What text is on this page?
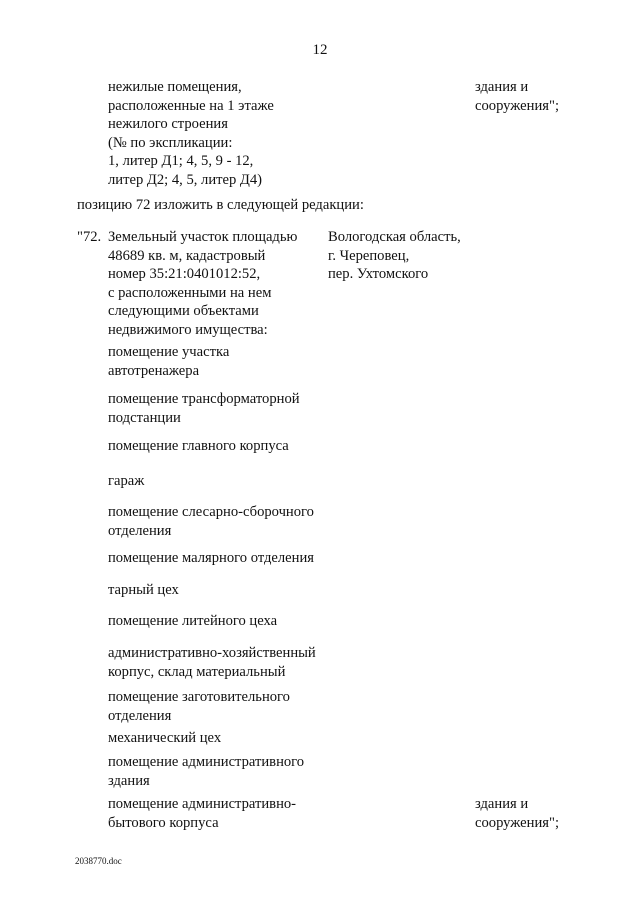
12
нежилые помещения,
расположенные на 1 этаже
нежилого строения
(№ по экспликации:
1, литер Д1; 4, 5, 9 - 12,
литер Д2; 4, 5, литер Д4)
здания и
сооружения";
позицию 72 изложить в следующей редакции:
"72. Земельный участок площадью
48689 кв. м, кадастровый
номер 35:21:0401012:52,
с расположенными на нем
следующими объектами
недвижимого имущества:
Вологодская область,
г. Череповец,
пер. Ухтомского
помещение участка
автотренажера
помещение трансформаторной
подстанции
помещение главного корпуса
гараж
помещение слесарно-сборочного
отделения
помещение малярного отделения
тарный цех
помещение литейного цеха
административно-хозяйственный
корпус, склад материальный
помещение заготовительного
отделения
механический цех
помещение административного
здания
помещение административно-
бытового корпуса
здания и
сооружения";
2038770.doc
